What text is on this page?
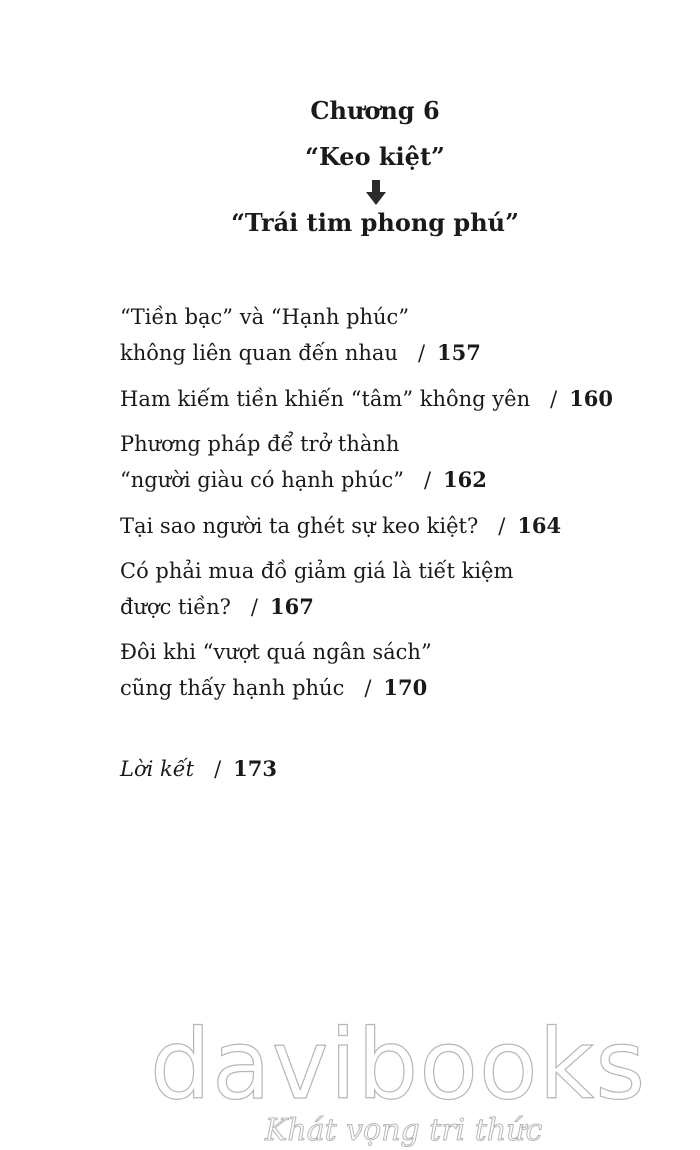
Chương 6
“Keo kiệt”
“Trái tim phong phú”
“Tiền bạc” và “Hạnh phúc”
không liên quan đến nhau / 157
Ham kiếm tiền khiến “tâm” không yên / 160
Phương pháp để trở thành
“người giàu có hạnh phúc” / 162
Tại sao người ta ghét sự keo kiệt? / 164
Có phải mua đồ giảm giá là tiết kiệm
được tiền? / 167
Đôi khi “vượt quá ngân sách”
cũng thấy hạnh phúc / 170
Lời kết / 173
davibooks
Khát vọng tri thức
